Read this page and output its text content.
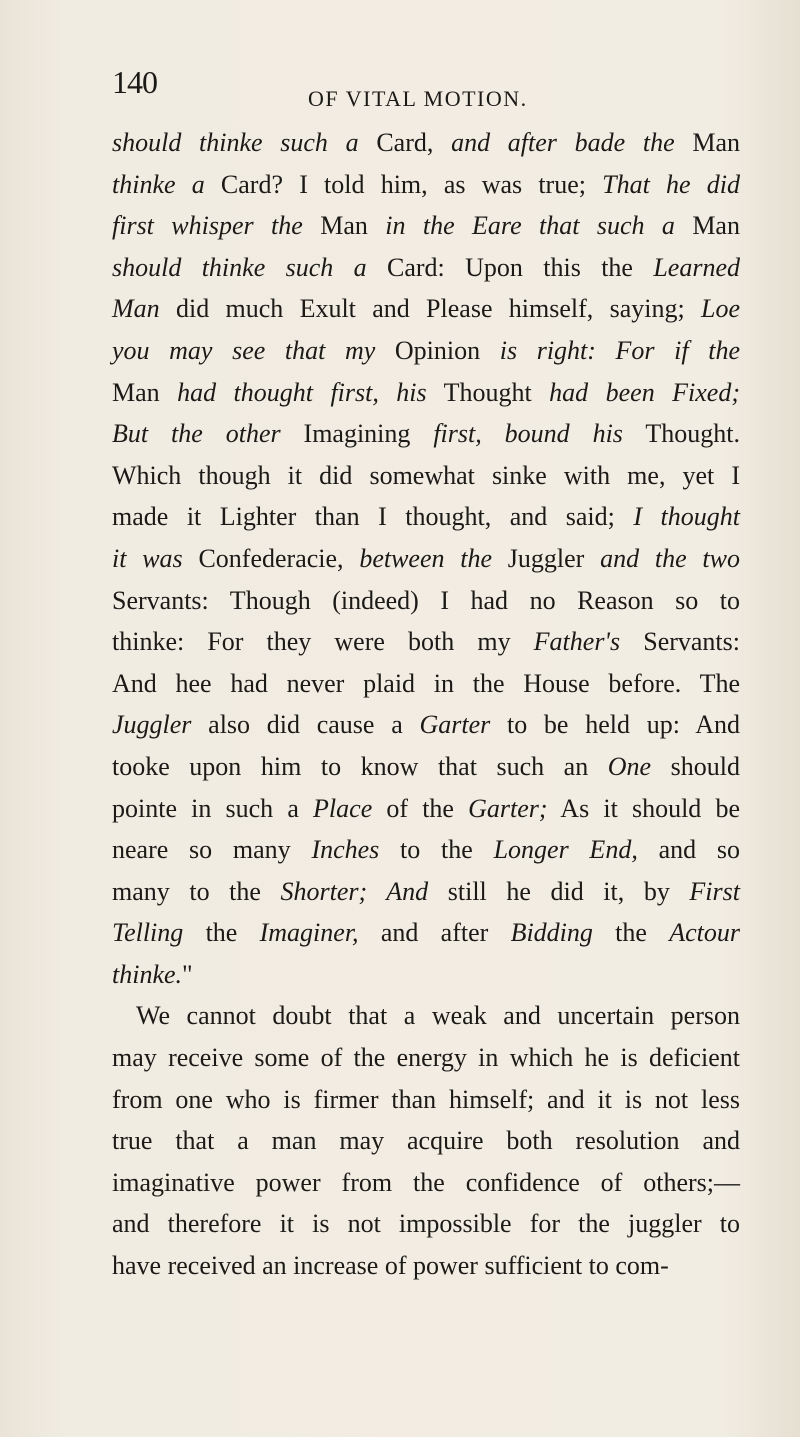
140	OF VITAL MOTION.
should thinke such a Card, and after bade the Man
thinke a Card? I told him, as was true; That he did
first whisper the Man in the Eare that such a Man
should thinke such a Card: Upon this the Learned
Man did much Exult and Please himself, saying; Loe
you may see that my Opinion is right: For if the
Man had thought first, his Thought had been Fixed;
But the other Imagining first, bound his Thought.
Which though it did somewhat sinke with me, yet I
made it Lighter than I thought, and said; I thought
it was Confederacie, between the Juggler and the two
Servants: Though (indeed) I had no Reason so to
thinke: For they were both my Father's Servants:
And hee had never plaid in the House before. The
Juggler also did cause a Garter to be held up: And
tooke upon him to know that such an One should
pointe in such a Place of the Garter; As it should be
neare so many Inches to the Longer End, and so
many to the Shorter; And still he did it, by First
Telling the Imaginer, and after Bidding the Actour
thinke."
We cannot doubt that a weak and uncertain person
may receive some of the energy in which he is deficient
from one who is firmer than himself; and it is not less
true that a man may acquire both resolution and
imaginative power from the confidence of others;—
and therefore it is not impossible for the juggler to
have received an increase of power sufficient to com-
